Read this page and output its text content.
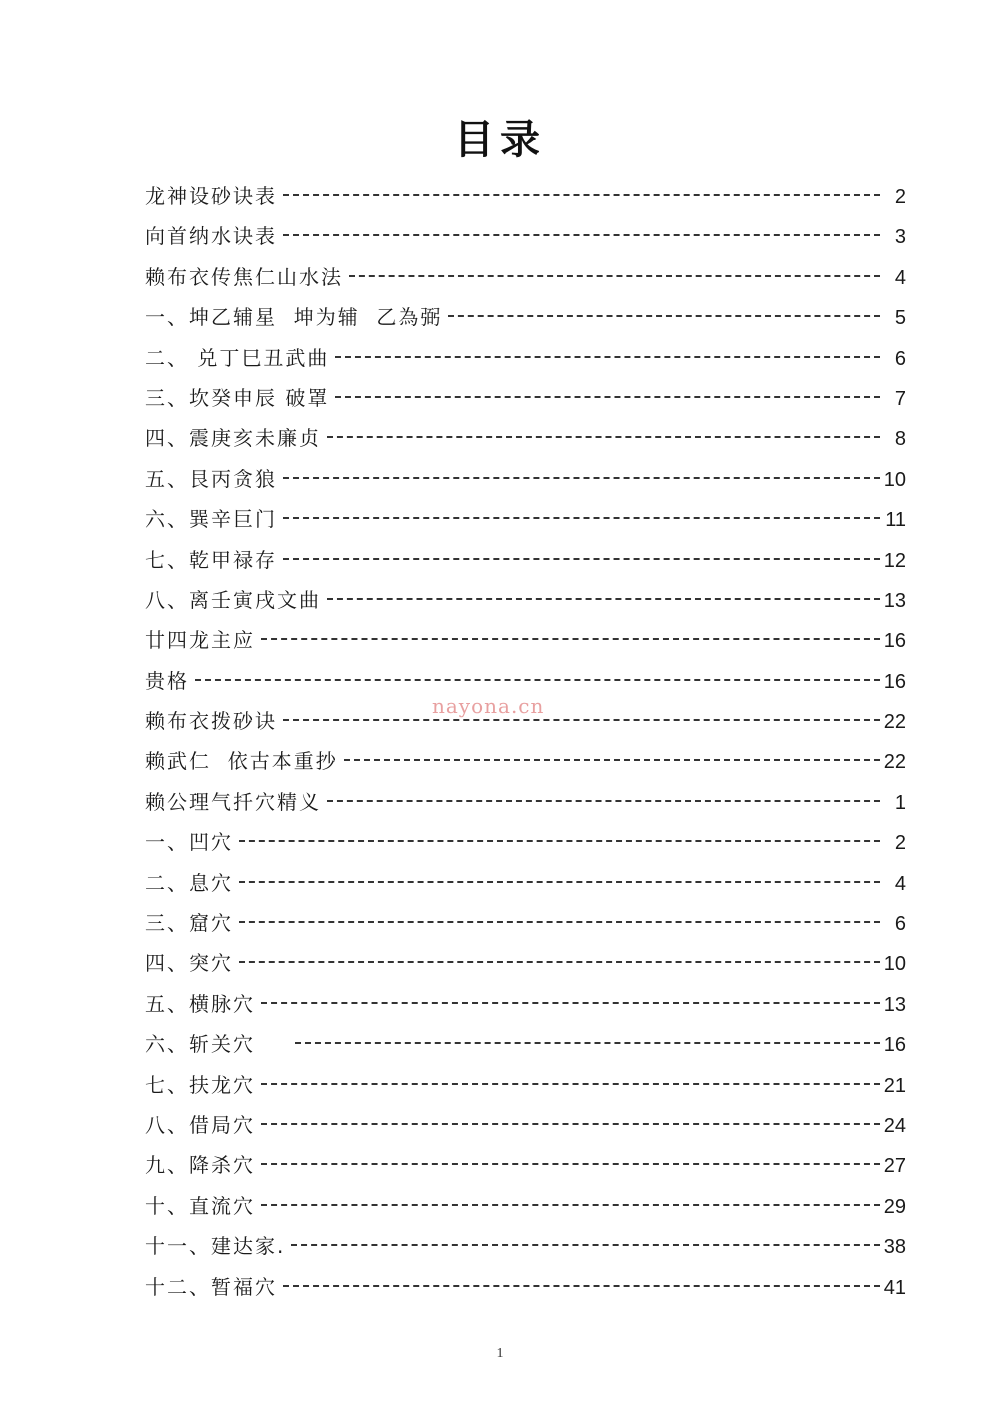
目录
龙神设砂诀表	2
向首纳水诀表	3
赖布衣传焦仁山水法	4
一、坤乙辅星  坤为辅  乙為弼	5
二、 兑丁巳丑武曲	6
三、坎癸申辰 破罩	7
四、震庚亥未廉贞	8
五、艮丙贪狼	10
六、巽辛巨门	11
七、乾甲禄存	12
八、离壬寅戌文曲	13
廿四龙主应	16
贵格	16
赖布衣拨砂诀	22
赖武仁  依古本重抄	22
赖公理气扦穴精义	1
一、凹穴	2
二、息穴	4
三、窟穴	6
四、突穴	10
五、横脉穴	13
六、斩关穴	16
七、扶龙穴	21
八、借局穴	24
九、降杀穴	27
十、直流穴	29
十一、建达家.	38
十二、暂福穴	41
nayona.cn
1
